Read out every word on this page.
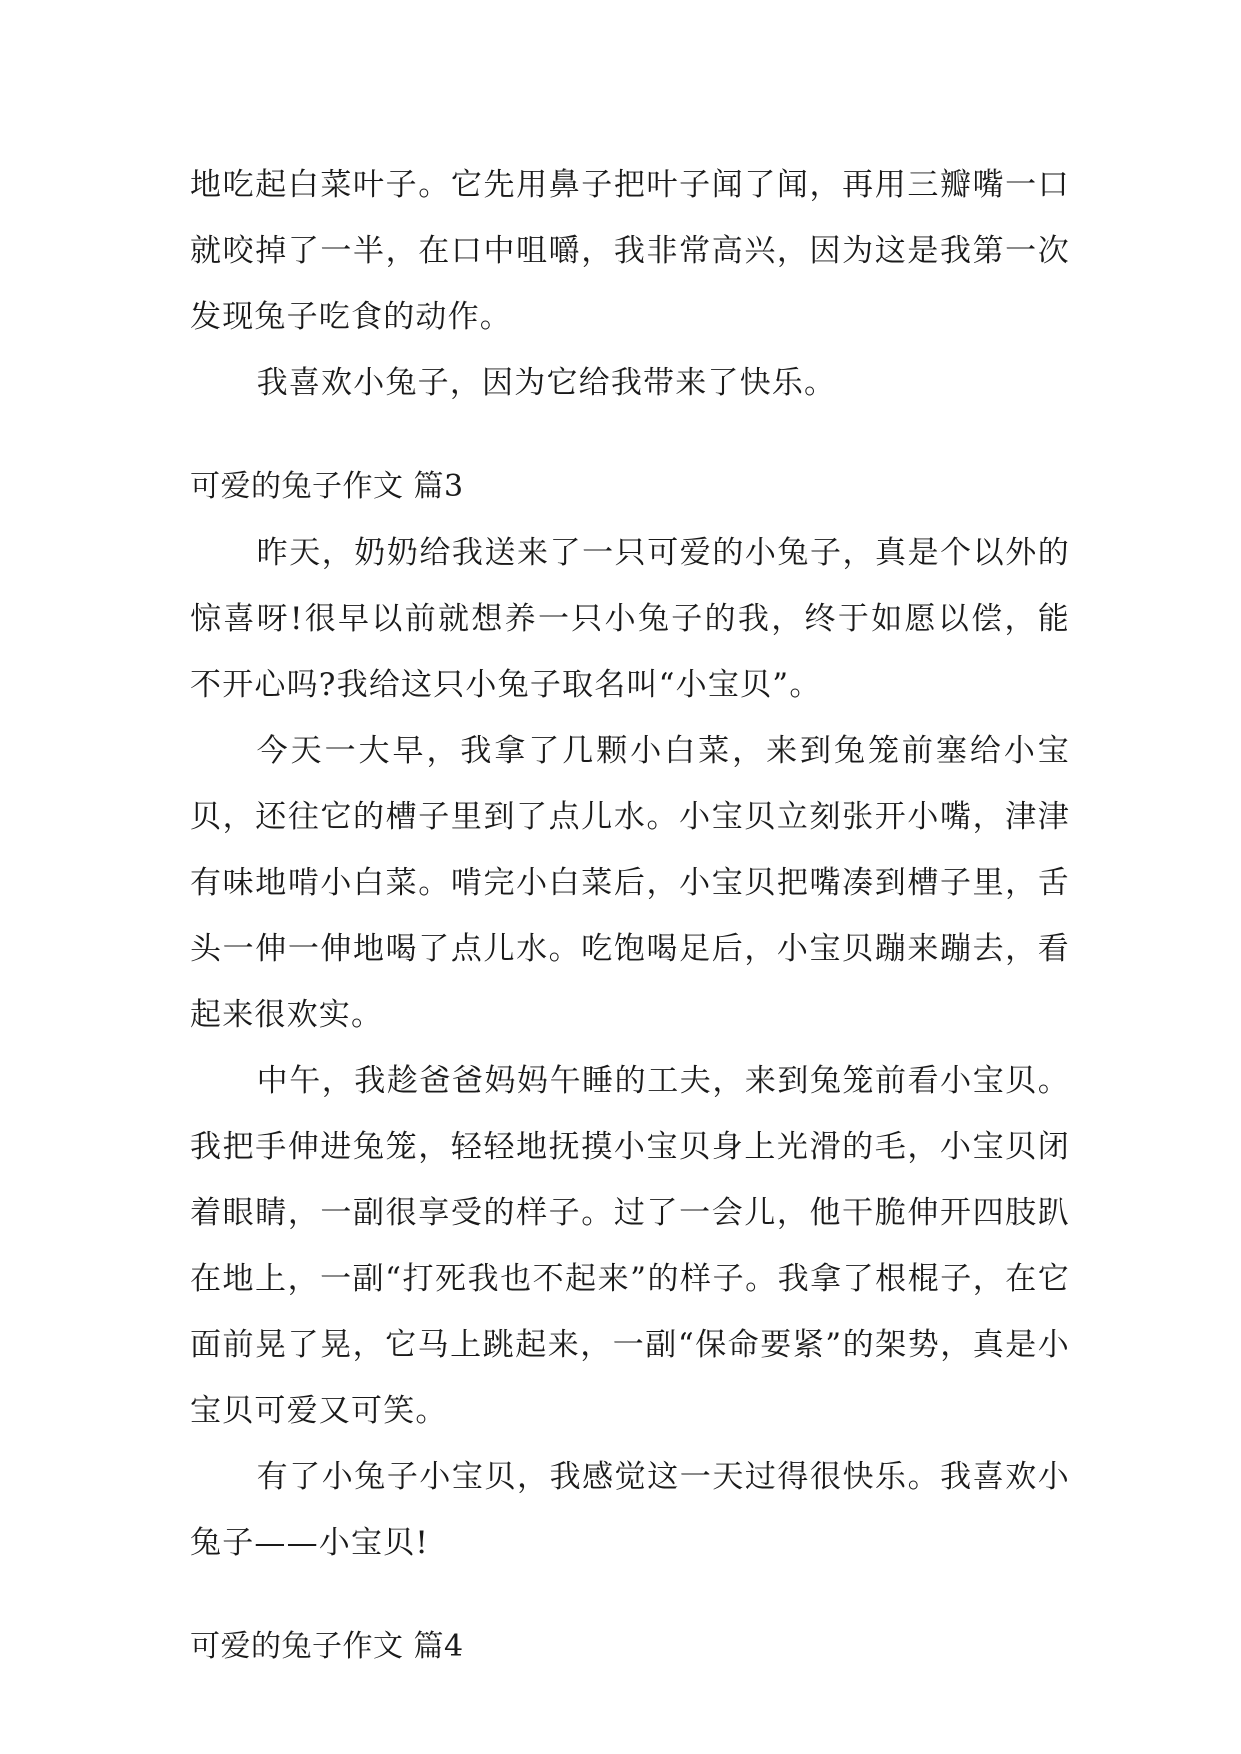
地吃起白菜叶子。它先用鼻子把叶子闻了闻，再用三瓣嘴一口就咬掉了一半，在口中咀嚼，我非常高兴，因为这是我第一次发现兔子吃食的动作。

我喜欢小兔子，因为它给我带来了快乐。

可爱的兔子作文 篇3

昨天，奶奶给我送来了一只可爱的小兔子，真是个以外的惊喜呀!很早以前就想养一只小兔子的我，终于如愿以偿，能不开心吗?我给这只小兔子取名叫“小宝贝”。

今天一大早，我拿了几颗小白菜，来到兔笼前塞给小宝贝，还往它的槽子里到了点儿水。小宝贝立刻张开小嘴，津津有味地啃小白菜。啃完小白菜后，小宝贝把嘴凑到槽子里，舌头一伸一伸地喝了点儿水。吃饱喝足后，小宝贝蹦来蹦去，看起来很欢实。

中午，我趁爸爸妈妈午睡的工夫，来到兔笼前看小宝贝。我把手伸进兔笼，轻轻地抚摸小宝贝身上光滑的毛，小宝贝闭着眼睛，一副很享受的样子。过了一会儿，他干脆伸开四肢趴在地上，一副“打死我也不起来”的样子。我拿了根棍子，在它面前晃了晃，它马上跳起来，一副“保命要紧”的架势，真是小宝贝可爱又可笑。

有了小兔子小宝贝，我感觉这一天过得很快乐。我喜欢小兔子——小宝贝!

可爱的兔子作文 篇4
